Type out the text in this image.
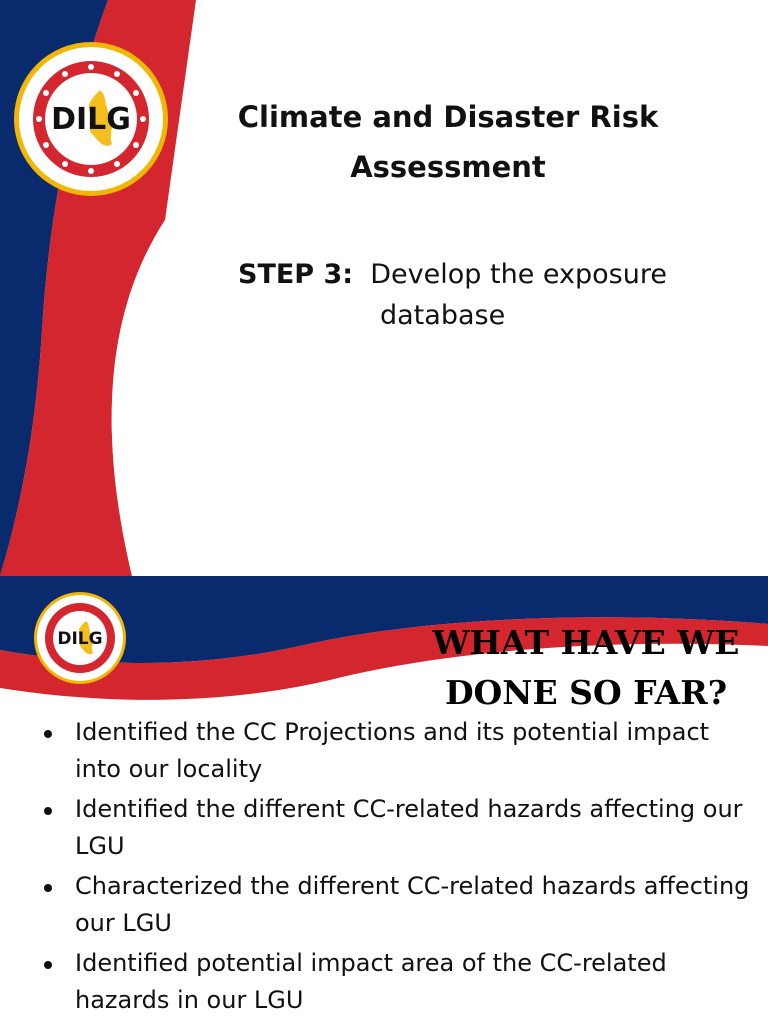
DILG	Climate and Disaster Risk
Assessment
STEP 3: Develop the exposure
database
DILG	WHAT HAVE WE
DONE SO FAR?
Identified the CC Projections and its potential impact
into our locality
Identified the different CC-related hazards affecting our
LGU
Characterized the different CC-related hazards affecting
our LGU
Identified potential impact area of the CC-related
hazards in our LGU
